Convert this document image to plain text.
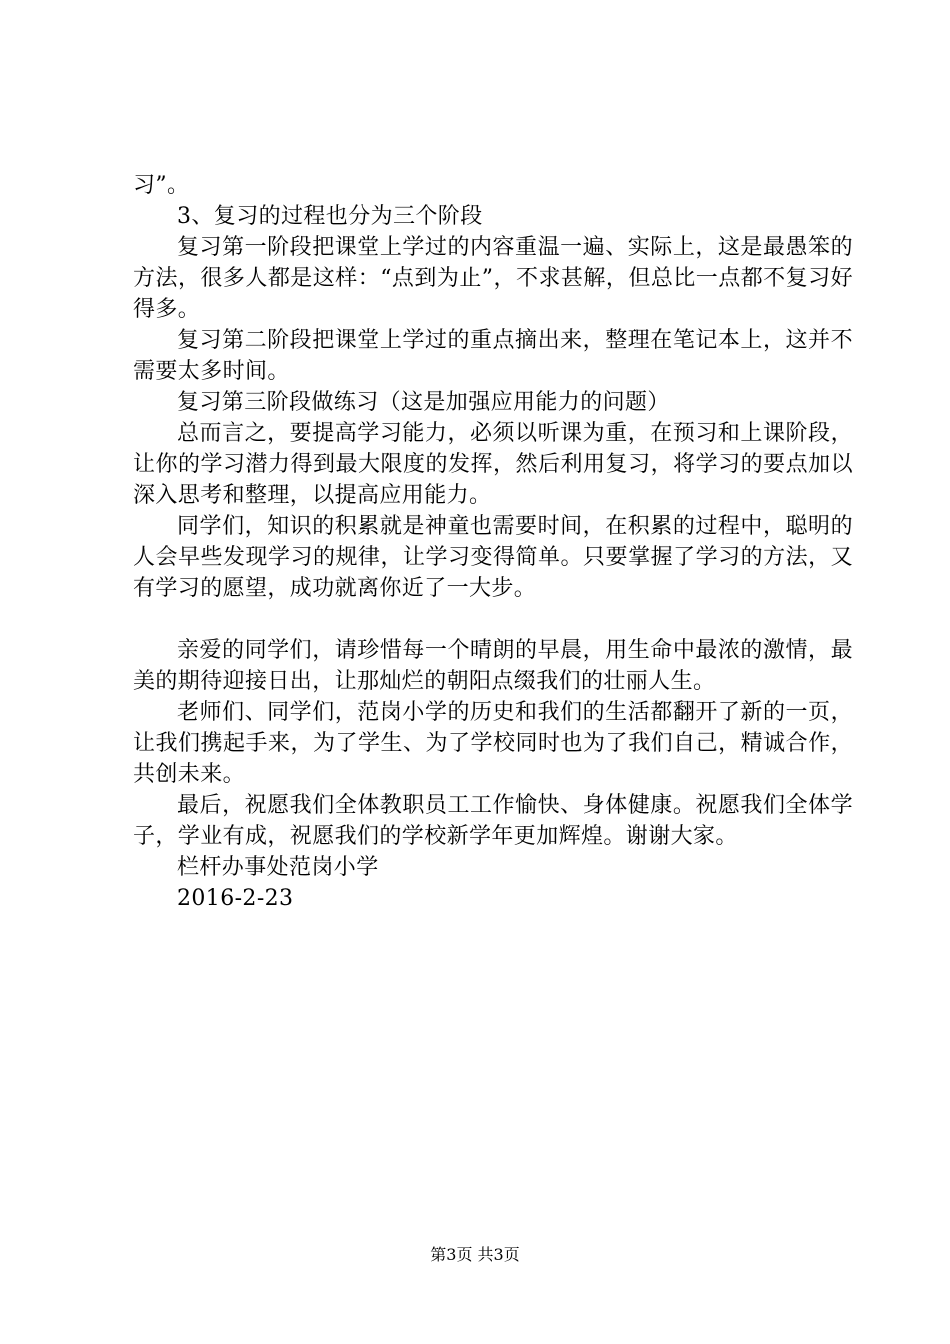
习”。

3、复习的过程也分为三个阶段

复习第一阶段把课堂上学过的内容重温一遍、实际上，这是最愚笨的方法，很多人都是这样：“点到为止”，不求甚解，但总比一点都不复习好得多。

复习第二阶段把课堂上学过的重点摘出来，整理在笔记本上，这并不需要太多时间。

复习第三阶段做练习（这是加强应用能力的问题）

总而言之，要提高学习能力，必须以听课为重，在预习和上课阶段，让你的学习潜力得到最大限度的发挥，然后利用复习，将学习的要点加以深入思考和整理，以提高应用能力。

同学们，知识的积累就是神童也需要时间，在积累的过程中，聪明的人会早些发现学习的规律，让学习变得简单。只要掌握了学习的方法，又有学习的愿望，成功就离你近了一大步。

亲爱的同学们，请珍惜每一个晴朗的早晨，用生命中最浓的激情，最美的期待迎接日出，让那灿烂的朝阳点缀我们的壮丽人生。

老师们、同学们，范岗小学的历史和我们的生活都翻开了新的一页，让我们携起手来，为了学生、为了学校同时也为了我们自己，精诚合作，共创未来。

最后，祝愿我们全体教职员工工作愉快、身体健康。祝愿我们全体学子，学业有成，祝愿我们的学校新学年更加辉煌。谢谢大家。

栏杆办事处范岗小学

2016-2-23

第3页 共3页
